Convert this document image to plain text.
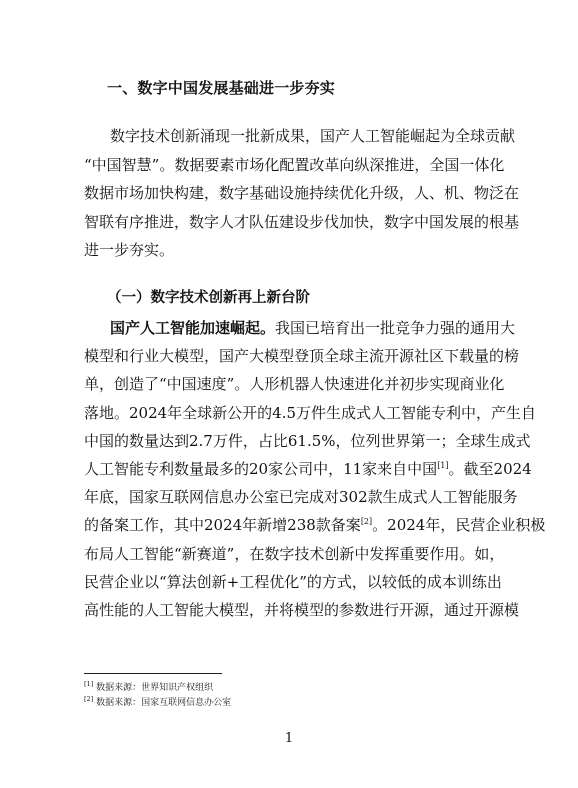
一、数字中国发展基础进一步夯实
数字技术创新涌现一批新成果，国产人工智能崛起为全球贡献
“中国智慧”。数据要素市场化配置改革向纵深推进，全国一体化
数据市场加快构建，数字基础设施持续优化升级，人、机、物泛在
智联有序推进，数字人才队伍建设步伐加快，数字中国发展的根基
进一步夯实。
（一）数字技术创新再上新台阶
国产人工智能加速崛起。我国已培育出一批竞争力强的通用大
模型和行业大模型，国产大模型登顶全球主流开源社区下载量的榜
单，创造了“中国速度”。人形机器人快速进化并初步实现商业化
落地。2024年全球新公开的4.5万件生成式人工智能专利中，产生自
中国的数量达到2.7万件，占比61.5%，位列世界第一；全球生成式
人工智能专利数量最多的20家公司中，11家来自中国[1]。截至2024
年底，国家互联网信息办公室已完成对302款生成式人工智能服务
的备案工作，其中2024年新增238款备案[2]。2024年，民营企业积极
布局人工智能“新赛道”，在数字技术创新中发挥重要作用。如，
民营企业以“算法创新+工程优化”的方式，以较低的成本训练出
高性能的人工智能大模型，并将模型的参数进行开源，通过开源模
[1] 数据来源：世界知识产权组织
[2] 数据来源：国家互联网信息办公室
1
